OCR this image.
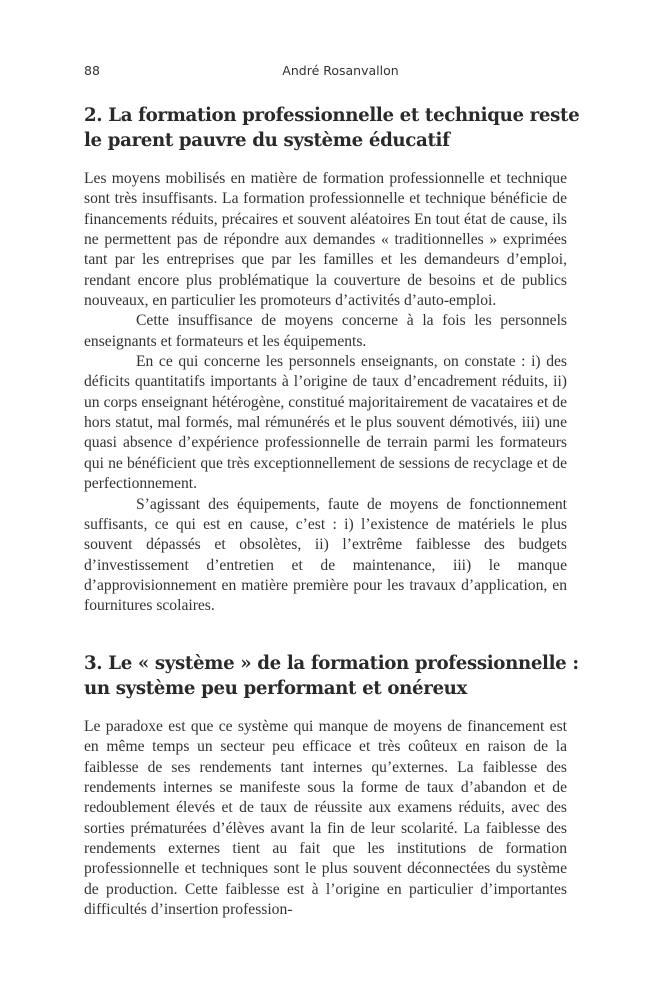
88	André Rosanvallon
2. La formation professionnelle et technique reste le parent pauvre du système éducatif

Les moyens mobilisés en matière de formation professionnelle et technique sont très insuffisants. La formation professionnelle et technique bénéficie de financements réduits, précaires et souvent aléatoires En tout état de cause, ils ne permettent pas de répondre aux demandes « traditionnelles » exprimées tant par les entreprises que par les familles et les demandeurs d’emploi, rendant encore plus problématique la couverture de besoins et de publics nouveaux, en particulier les promoteurs d’activités d’auto-emploi.

Cette insuffisance de moyens concerne à la fois les personnels enseignants et formateurs et les équipements.

En ce qui concerne les personnels enseignants, on constate : i) des déficits quantitatifs importants à l’origine de taux d’encadrement réduits, ii) un corps enseignant hétérogène, constitué majoritairement de vacataires et de hors statut, mal formés, mal rémunérés et le plus souvent démotivés, iii) une quasi absence d’expérience professionnelle de terrain parmi les formateurs qui ne bénéficient que très exceptionnellement de sessions de recyclage et de perfectionnement.

S’agissant des équipements, faute de moyens de fonctionnement suffisants, ce qui est en cause, c’est : i) l’existence de matériels le plus souvent dépassés et obsolètes, ii) l’extrême faiblesse des budgets d’investissement d’entretien et de maintenance, iii) le manque d’approvisionnement en matière première pour les travaux d’application, en fournitures scolaires.

3. Le « système » de la formation professionnelle : un système peu performant et onéreux

Le paradoxe est que ce système qui manque de moyens de financement est en même temps un secteur peu efficace et très coûteux en raison de la faiblesse de ses rendements tant internes qu’externes. La faiblesse des rendements internes se manifeste sous la forme de taux d’abandon et de redoublement élevés et de taux de réussite aux examens réduits, avec des sorties prématurées d’élèves avant la fin de leur scolarité. La faiblesse des rendements externes tient au fait que les institutions de formation professionnelle et techniques sont le plus souvent déconnectées du système de production. Cette faiblesse est à l’origine en particulier d’importantes difficultés d’insertion profession-
